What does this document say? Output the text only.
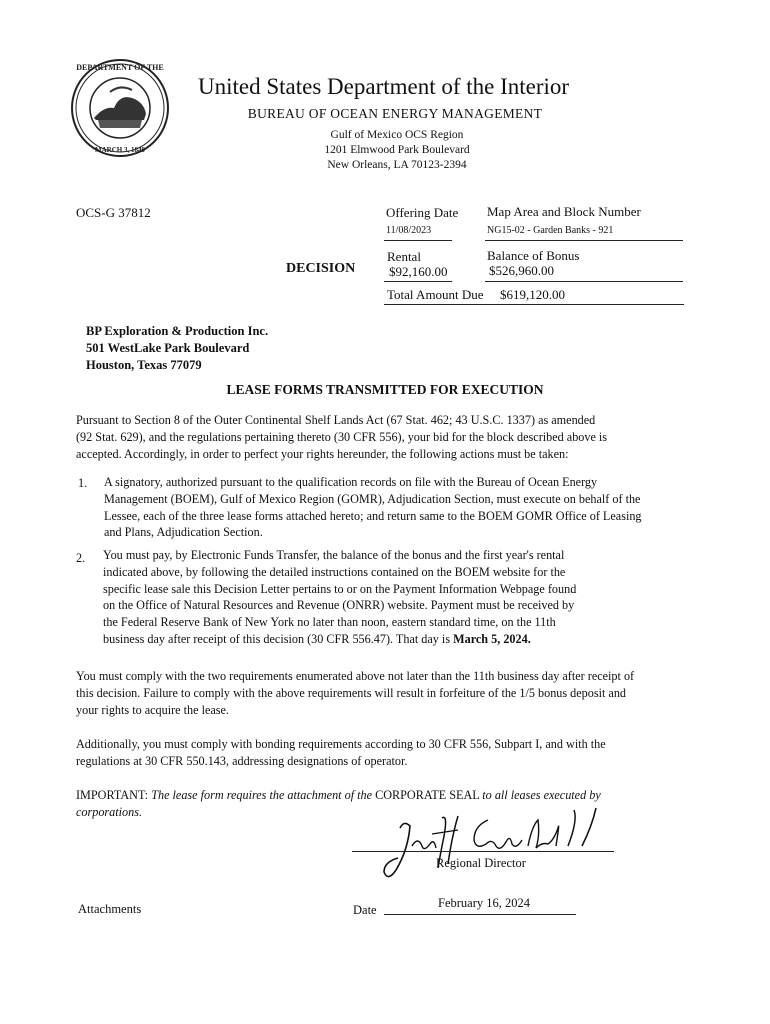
DEPARTMENT OF THE
MARCH 3, 1849
United States Department of the Interior
BUREAU OF OCEAN ENERGY MANAGEMENT
Gulf of Mexico OCS Region
1201 Elmwood Park Boulevard
New Orleans, LA 70123-2394
OCS-G 37812	Offering Date
11/08/2023
Map Area and Block Number
NG15-02 - Garden Banks - 921
DECISION
Rental
$92,160.00
Balance of Bonus
$526,960.00
Total Amount Due $619,120.00
BP Exploration & Production Inc.
501 WestLake Park Boulevard
Houston, Texas 77079
LEASE FORMS TRANSMITTED FOR EXECUTION
Pursuant to Section 8 of the Outer Continental Shelf Lands Act (67 Stat. 462; 43 U.S.C. 1337) as amended
(92 Stat. 629), and the regulations pertaining thereto (30 CFR 556), your bid for the block described above is
accepted. Accordingly, in order to perfect your rights hereunder, the following actions must be taken:
1. A signatory, authorized pursuant to the qualification records on file with the Bureau of Ocean Energy
Management (BOEM), Gulf of Mexico Region (GOMR), Adjudication Section, must execute on behalf of the
Lessee, each of the three lease forms attached hereto; and return same to the BOEM GOMR Office of Leasing
and Plans, Adjudication Section.
2. You must pay, by Electronic Funds Transfer, the balance of the bonus and the first year's rental
indicated above, by following the detailed instructions contained on the BOEM website for the
specific lease sale this Decision Letter pertains to or on the Payment Information Webpage found
on the Office of Natural Resources and Revenue (ONRR) website. Payment must be received by
the Federal Reserve Bank of New York no later than noon, eastern standard time, on the 11th
business day after receipt of this decision (30 CFR 556.47). That day is March 5, 2024.
You must comply with the two requirements enumerated above not later than the 11th business day after receipt of
this decision. Failure to comply with the above requirements will result in forfeiture of the 1/5 bonus deposit and
your rights to acquire the lease.
Additionally, you must comply with bonding requirements according to 30 CFR 556, Subpart I, and with the
regulations at 30 CFR 550.143, addressing designations of operator.
IMPORTANT: The lease form requires the attachment of the CORPORATE SEAL to all leases executed by
corporations.
Regional Director
Attachments	Date	February 16, 2024
